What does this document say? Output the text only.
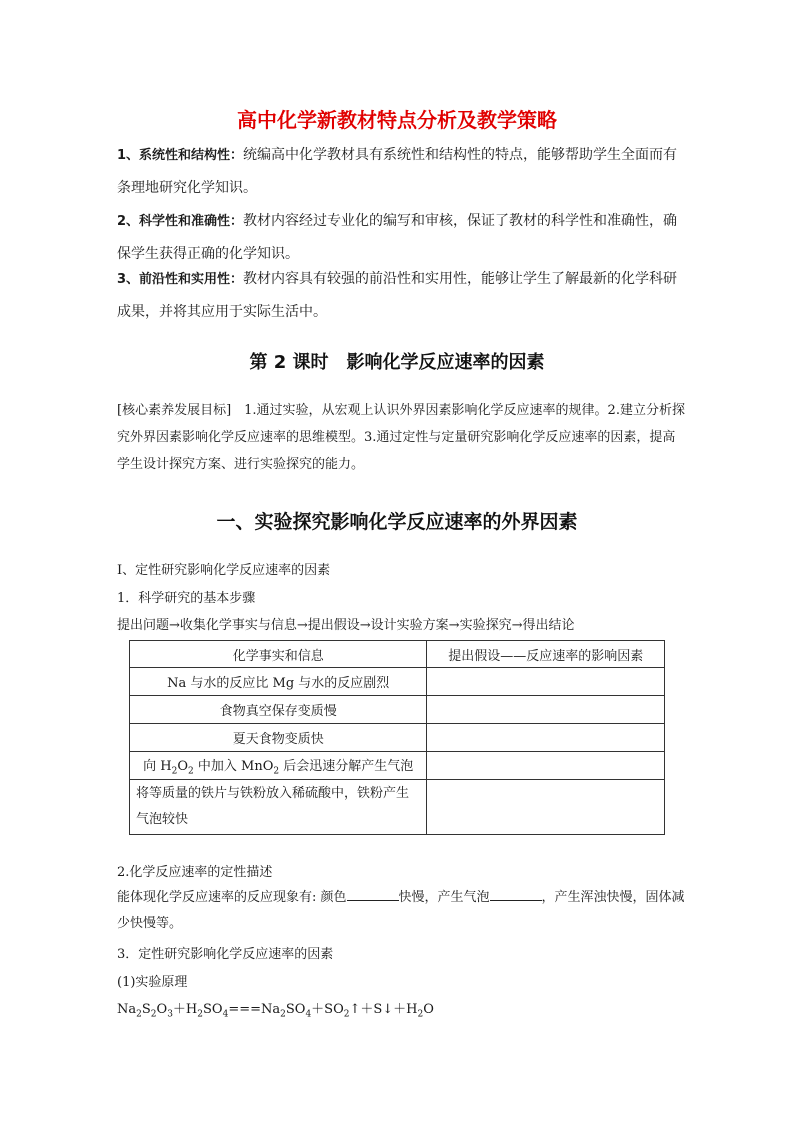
高中化学新教材特点分析及教学策略
1、系统性和结构性：统编高中化学教材具有系统性和结构性的特点，能够帮助学生全面而有条理地研究化学知识。
2、科学性和准确性：教材内容经过专业化的编写和审核，保证了教材的科学性和准确性，确保学生获得正确的化学知识。
3、前沿性和实用性：教材内容具有较强的前沿性和实用性，能够让学生了解最新的化学科研成果，并将其应用于实际生活中。
第 2 课时　影响化学反应速率的因素
[核心素养发展目标]　1.通过实验，从宏观上认识外界因素影响化学反应速率的规律。2.建立分析探究外界因素影响化学反应速率的思维模型。3.通过定性与定量研究影响化学反应速率的因素，提高学生设计探究方案、进行实验探究的能力。
一、实验探究影响化学反应速率的外界因素
Ⅰ、定性研究影响化学反应速率的因素
1．科学研究的基本步骤
提出问题→收集化学事实与信息→提出假设→设计实验方案→实验探究→得出结论
化学事实和信息	提出假设——反应速率的影响因素
Na 与水的反应比 Mg 与水的反应剧烈	
食物真空保存变质慢	
夏天食物变质快	
向 $H_2O_2$ 中加入 MnO$_2$ 后会迅速分解产生气泡	
将等质量的铁片与铁粉放入稀硫酸中，铁粉产生气泡较快	
2.化学反应速率的定性描述
能体现化学反应速率的反应现象有: 颜色	快慢，产生气泡	，产生浑浊快慢，固体减少快慢等。
3．定性研究影响化学反应速率的因素
(1)实验原理
$Na_2S_2O_3+H_2SO_4===Na_2SO_4+SO_2↑+S↓+H_2O$
